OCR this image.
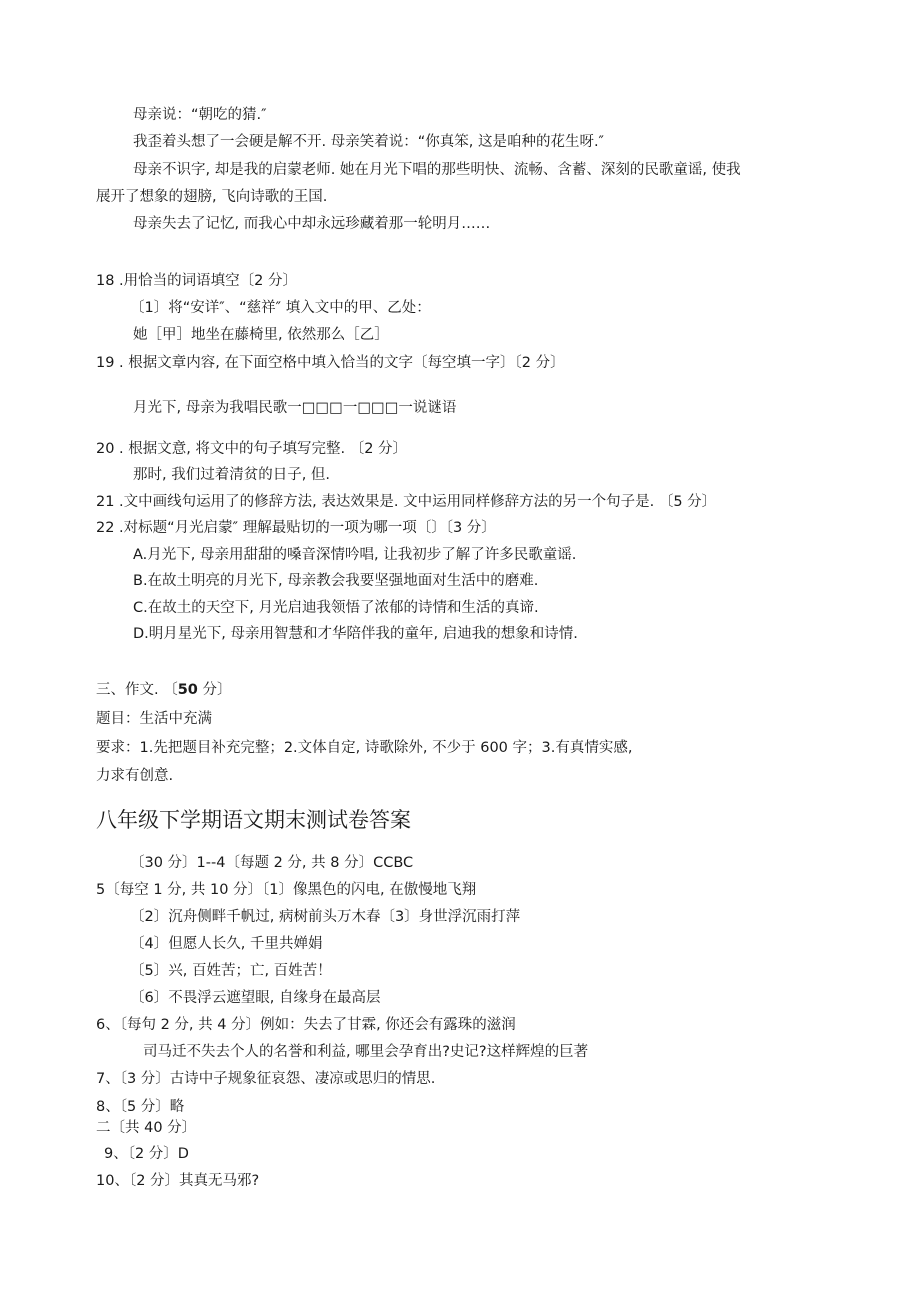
母亲说：“朝吃的猜.″
我歪着头想了一会硬是解不开. 母亲笑着说：“你真笨, 这是咱种的花生呀.″
母亲不识字, 却是我的启蒙老师. 她在月光下唱的那些明快、流畅、含蓄、深刻的民歌童谣, 使我
展开了想象的翅膀, 飞向诗歌的王国.
母亲失去了记忆, 而我心中却永远珍藏着那一轮明月……
18 .用恰当的词语填空〔2 分〕
〔1〕将“安详″、“慈祥″ 填入文中的甲、乙处：
她［甲］地坐在藤椅里, 依然那么［乙］
19 . 根据文章内容, 在下面空格中填入恰当的文字〔每空填一字〕〔2 分〕
月光下, 母亲为我唱民歌一□□□一□□□一说谜语
20 . 根据文意, 将文中的句子填写完整. 〔2 分〕
那时, 我们过着清贫的日子, 但.
21 .文中画线句运用了的修辞方法, 表达效果是. 文中运用同样修辞方法的另一个句子是. 〔5 分〕
22 .对标题“月光启蒙″ 理解最贴切的一项为哪一项〔〕〔3 分〕
A.月光下, 母亲用甜甜的嗓音深情吟唱, 让我初步了解了许多民歌童谣.
B.在故土明亮的月光下, 母亲教会我要坚强地面对生活中的磨难.
C.在故土的天空下, 月光启迪我领悟了浓郁的诗情和生活的真谛.
D.明月星光下, 母亲用智慧和才华陪伴我的童年, 启迪我的想象和诗情.
三、作文. 〔50 分〕
题目：生活中充满
要求：1.先把题目补充完整；2.文体自定, 诗歌除外, 不少于 600 字；3.有真情实感,
力求有创意.
八年级下学期语文期末测试卷答案
〔30 分〕1--4〔每题 2 分, 共 8 分〕CCBC
5〔每空 1 分, 共 10 分〕〔1〕像黑色的闪电, 在傲慢地飞翔
〔2〕沉舟侧畔千帆过, 病树前头万木春〔3〕身世浮沉雨打萍
〔4〕但愿人长久, 千里共婵娟
〔5〕兴, 百姓苦；亡, 百姓苦！
〔6〕不畏浮云遮望眼, 自缘身在最高层
6、〔每句 2 分, 共 4 分〕例如：失去了甘霖, 你还会有露珠的滋润
司马迁不失去个人的名誉和利益, 哪里会孕育出?史记?这样辉煌的巨著
7、〔3 分〕古诗中子规象征哀怨、凄凉或思归的情思.
8、〔5 分〕略
二〔共 40 分〕
9、〔2 分〕D
10、〔2 分〕其真无马邪?
